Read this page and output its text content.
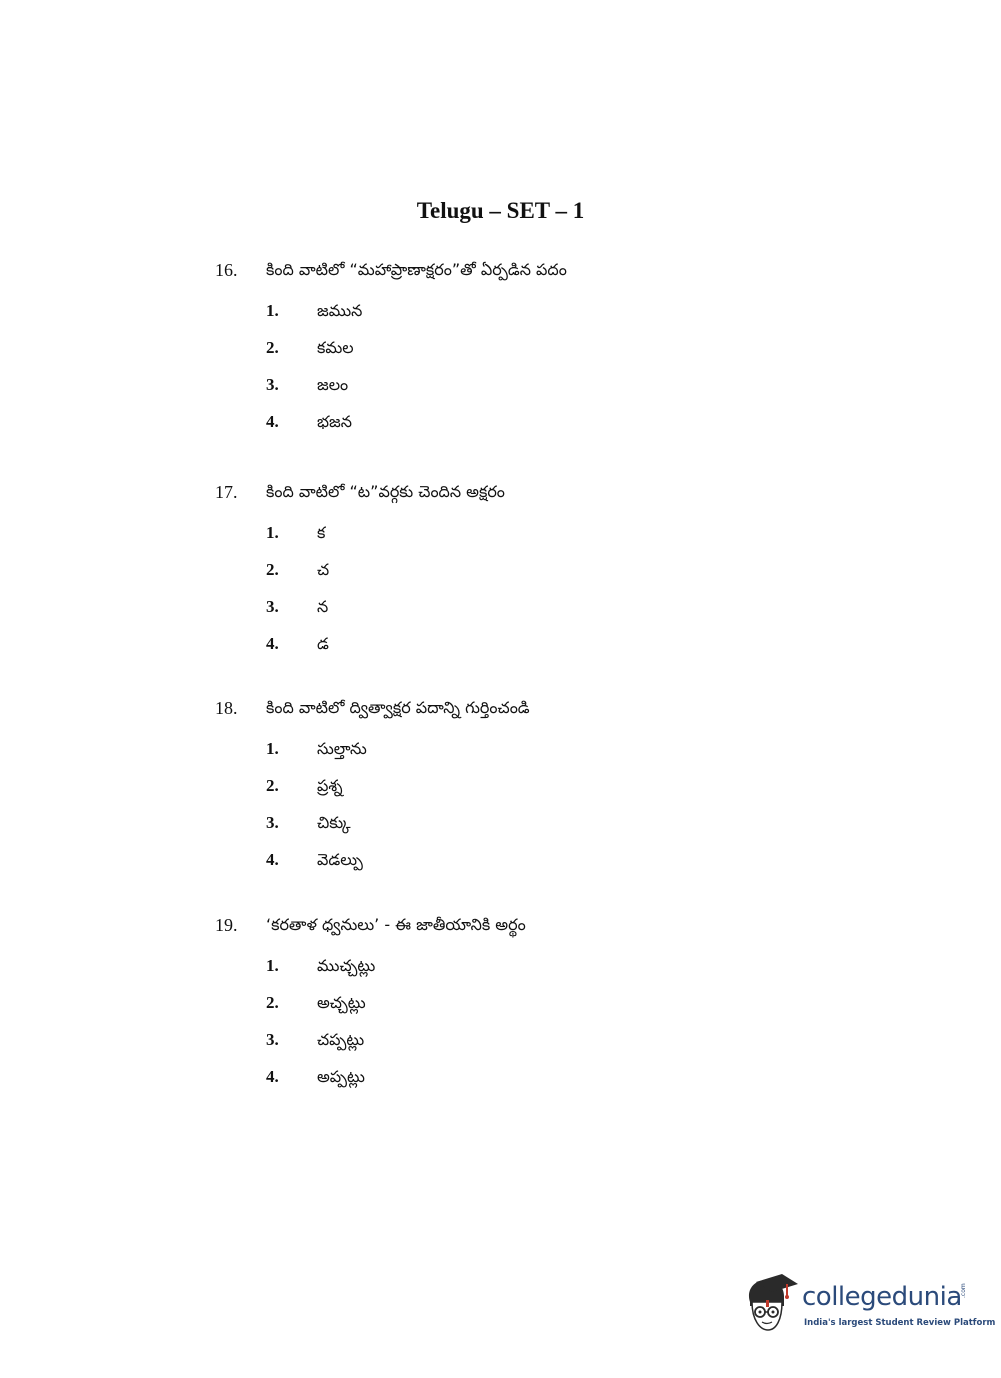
Telugu – SET – 1
16. కింది వాటిలో “మహాప్రాణాక్షరం”తో ఏర్పడిన పదం
1. జమున
2. కమల
3. జలం
4. భజన
17. కింది వాటిలో “ట”వర్గకు చెందిన అక్షరం
1. క
2. చ
3. న
4. డ
18. కింది వాటిలో ద్విత్వాక్షర పదాన్ని గుర్తించండి
1. సుల్తాను
2. ప్రశ్న
3. చిక్కు
4. వెడల్పు
19. ‘కరతాళ ధ్వనులు’ - ఈ జాతీయానికి అర్థం
1. ముచ్చట్లు
2. అచ్చట్లు
3. చప్పట్లు
4. అప్పట్లు
collegedunia
.com
India's largest Student Review Platform
